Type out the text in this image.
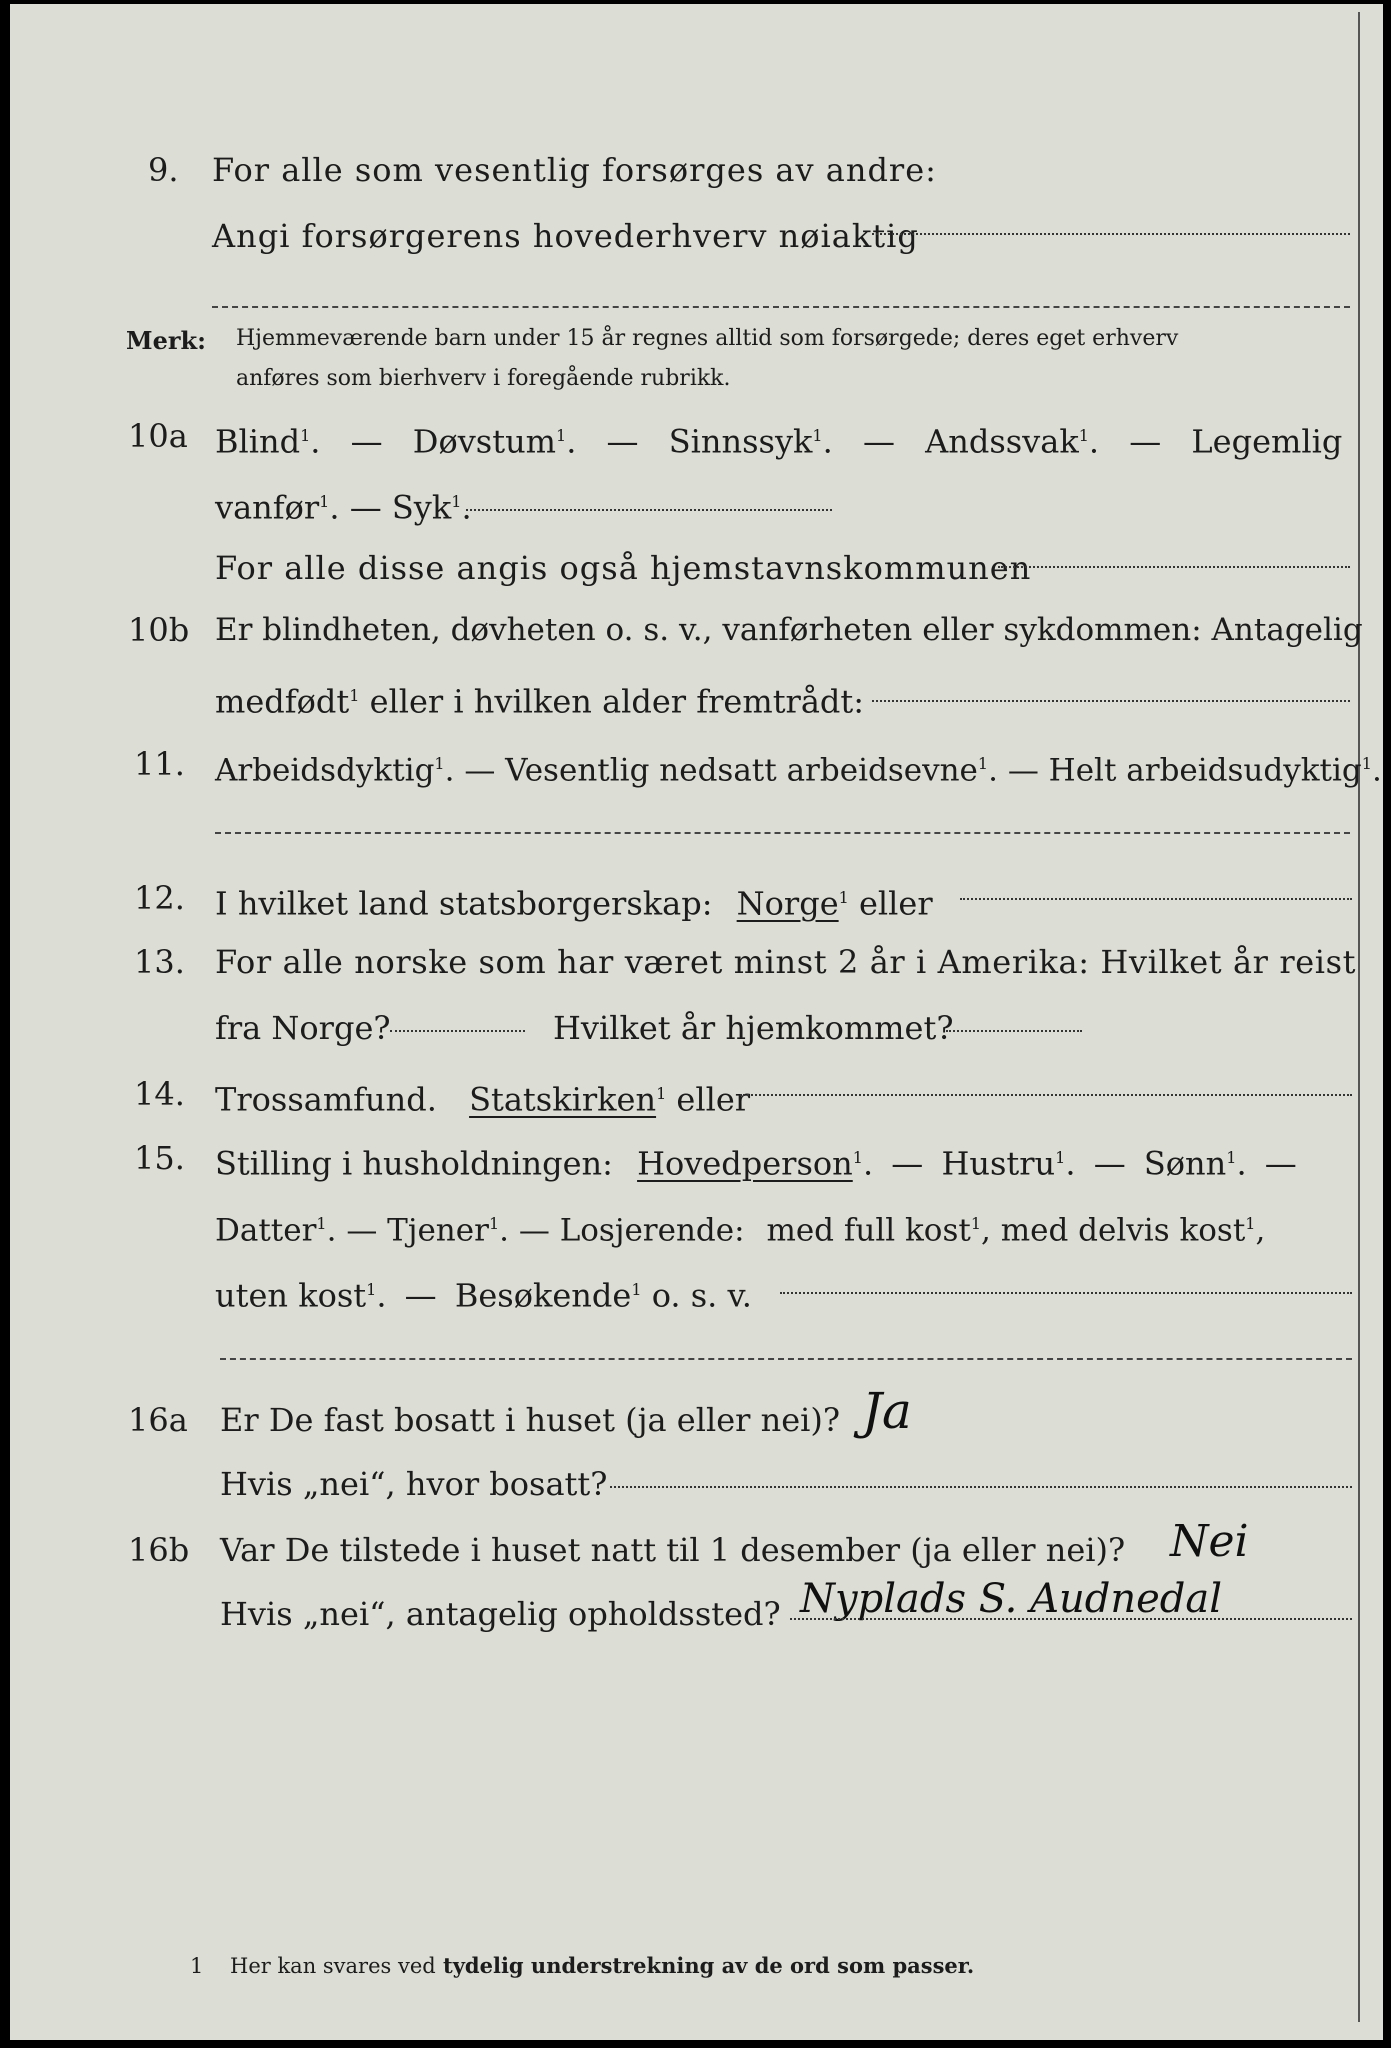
9. For alle som vesentlig forsørges av andre:
Angi forsørgerens hovederhverv nøiaktig
Merk: Hjemmeværende barn under 15 år regnes alltid som forsørgede; deres eget erhverv
anføres som bierhverv i foregående rubrikk.
10a Blind$^1$. — Døvstum$^1$. — Sinnssyk$^1$. — Andssvak$^1$. — Legemlig
vanfør$^1$. — Syk$^1$.
For alle disse angis også hjemstavnskommunen
10b Er blindheten, døvheten o. s. v., vanførheten eller sykdommen: Antagelig
medfødt$^1$ eller i hvilken alder fremtrådt:
11. Arbeidsdyktig$^1$. — Vesentlig nedsatt arbeidsevne$^1$. — Helt arbeidsudyktig$^1$.
12. I hvilket land statsborgerskap: Norge$^1$ eller
13. For alle norske som har været minst 2 år i Amerika: Hvilket år reist
fra Norge?	Hvilket år hjemkommet?
14. Trossamfund. Statskirken$^1$ eller
15. Stilling i husholdningen: Hovedperson$^1$. — Hustru$^1$. — Sønn$^1$. —
Datter$^1$. — Tjener$^1$. — Losjerende: med full kost$^1$, med delvis kost$^1$,
uten kost$^1$. — Besøkende$^1$ o. s. v.
16a Er De fast bosatt i huset (ja eller nei)? Ja
Hvis „nei“, hvor bosatt?
16b Var De tilstede i huset natt til 1 desember (ja eller nei)? Nei
Hvis „nei“, antagelig opholdssted? Nyplads S. Audnedal
1 Her kan svares ved tydelig understrekning av de ord som passer.
